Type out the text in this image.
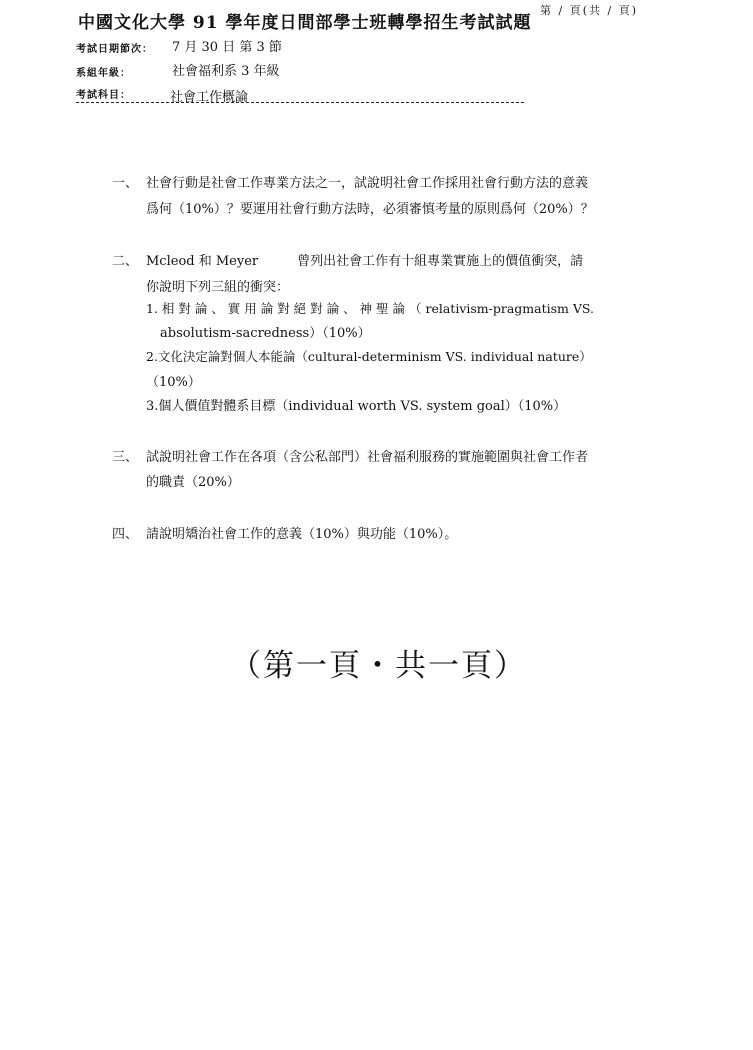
中國文化大學 91 學年度日間部學士班轉學招生考試試題
第 / 頁(共 / 頁)
考試日期節次： 7 月 30 日 第 3 節
系組年級：	社會福利系 3 年級
考試科目：	社會工作概論
一、 社會行動是社會工作專業方法之一，試說明社會工作採用社會行動方法的意義
爲何（10%）？要運用社會行動方法時，必須審慎考量的原則爲何（20%）？
二、 Mcleod 和 Meyer　　　曾列出社會工作有十組專業實施上的價值衝突，請
你說明下列三組的衝突：
1. 相 對 論 、 實 用 論 對 絕 對 論 、 神 聖 論 （ relativism-pragmatism VS.
absolutism-sacredness）（10%）
2.文化決定論對個人本能論（cultural-determinism VS. individual nature）
（10%）
3.個人價值對體系目標（individual worth VS. system goal）（10%）
三、 試說明社會工作在各項（含公私部門）社會福利服務的實施範圍與社會工作者
的職責（20%）
四、 請說明矯治社會工作的意義（10%）與功能（10%）。
（第一頁・共一頁）
